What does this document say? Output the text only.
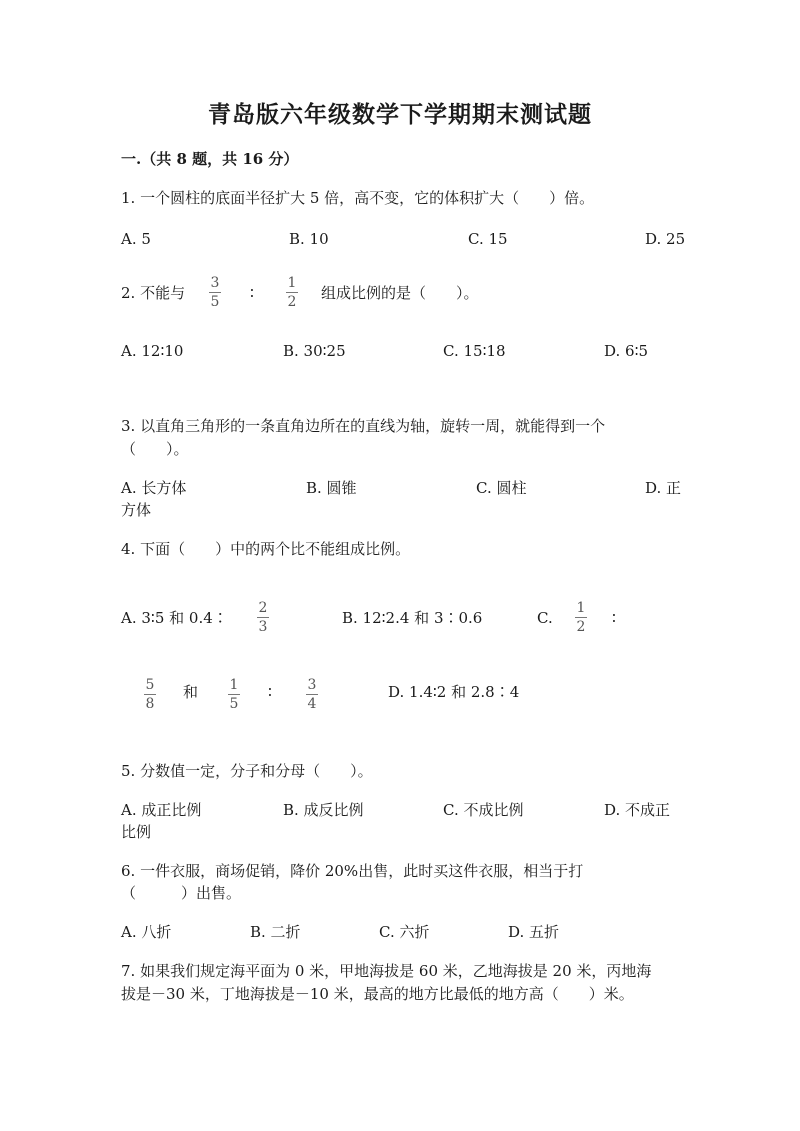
青岛版六年级数学下学期期末测试题
一.（共 8 题，共 16 分）
1. 一个圆柱的底面半径扩大 5 倍，高不变，它的体积扩大（　　）倍。
A. 5	B. 10	C. 15	D. 25
2. 不能与
3
5 ∶
1
2 组成比例的是（　　）。
A. 12∶10	B. 30∶25	C. 15∶18	D. 6∶5
3. 以直角三角形的一条直角边所在的直线为轴，旋转一周，就能得到一个
（　　）。
A. 长方体	B. 圆锥	C. 圆柱	D. 正
方体
4. 下面（　　）中的两个比不能组成比例。
A. 3∶5 和 0.4∶
2
3	B. 12∶2.4 和 3∶0.6	C.
1
2 ∶
5
8
和 1
5
∶	3
4
D. 1.4∶2 和 2.8∶4
5. 分数值一定，分子和分母（　　）。
A. 成正比例	B. 成反比例	C. 不成比例	D. 不成正
比例
6. 一件衣服，商场促销，降价 20%出售，此时买这件衣服，相当于打
（　　　）出售。
A. 八折	B. 二折	C. 六折	D. 五折
7. 如果我们规定海平面为 0 米，甲地海拔是 60 米，乙地海拔是 20 米，丙地海
拔是－30 米，丁地海拔是－10 米，最高的地方比最低的地方高（　　）米。
